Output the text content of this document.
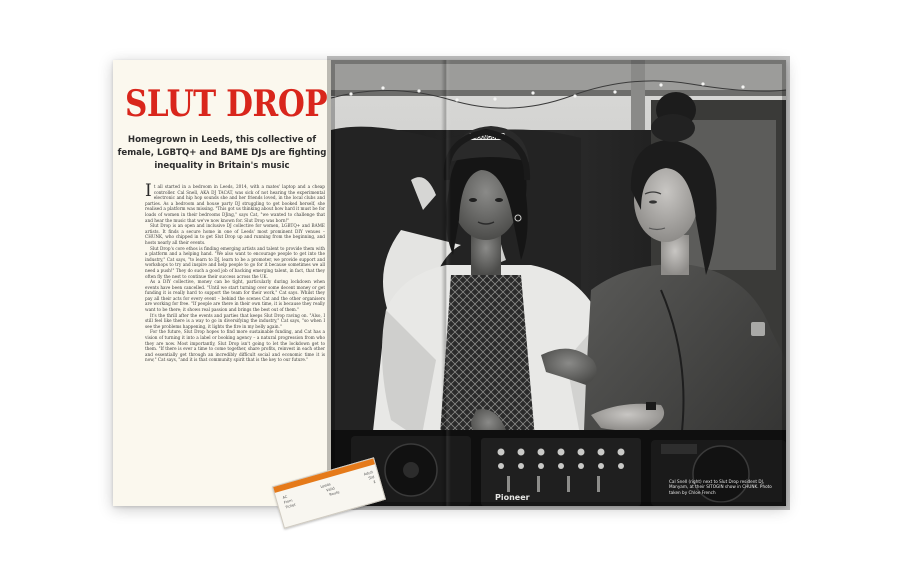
SLUT DROP
Homegrown in Leeds, this collective of female, LGBTQ+ and BAME DJs are fighting inequality in Britain's music

It all started in a bedroom in Leeds, 2014, with a mates' laptop and a cheap controller. Cal Snell, AKA DJ TACAT, was sick of not hearing the experimental electronic and hip hop sounds she and her friends loved, in the local clubs and parties. As a bedroom and house party DJ struggling to get booked herself, she realised a platform was missing. "This got us thinking about how hard it must be for loads of women in their bedrooms DJing," says Cat, "we wanted to challenge that and hear the music that we've now known for. Slut Drop was born!"

Slut Drop is an open and inclusive DJ collective for women, LGBTQ+ and BAME artists. It finds a secure home in one of Leeds' most prominent DIY venues – CHUNK, who chipped in to get Slut Drop up and running from the beginning, and hosts nearly all their events.

Slut Drop's core ethos is finding emerging artists and talent to provide them with a platform and a helping hand. "We also want to encourage people to get into the industry," Cat says, "to learn to DJ, learn to be a promoter, we provide support and workshops to try and inspire and help people to go for it because sometimes we all need a push!" They do such a good job of backing emerging talent, in fact, that they often fly the nest to continue their success across the UK.

As a DIY collective, money can be tight, particularly during lockdown when events have been cancelled. "Until we start turning over some decent money or get funding it is really hard to support the team for their work," Cat says. Whilst they pay all their acts for every event – behind the scenes Cat and the other organisers are working for free. "If people are there in their own time, it is because they really want to be there; it shows real passion and brings the best out of them."

It's the thrill after the events and parties that keeps Slut Drop raving on. "Also, I still feel like there is a way to go in diversifying the industry," Cat says, "so when I see the problems happening, it lights the fire in my belly again."

For the future, Slut Drop hopes to find more sustainable funding, and Cat has a vision of turning it into a label or booking agency – a natural progression from who they are now. Most importantly, Slut Drop isn't going to let the lockdown get to them. "If there is ever a time to come together, share profits, reinvest in each other and essentially get through an incredibly difficult social and economic time it is now," Cat says, "and it is that community spirit that is the key to our future."

KANGOL
Pioneer
Cal Snell (right) next to Slut Drop resident DJ, Manyam, at their SITOGIN show in CHUNK. Photo taken by Chloe French
AC
Leeds
Adult
From
Valid
Std
Ticket
Route
£
